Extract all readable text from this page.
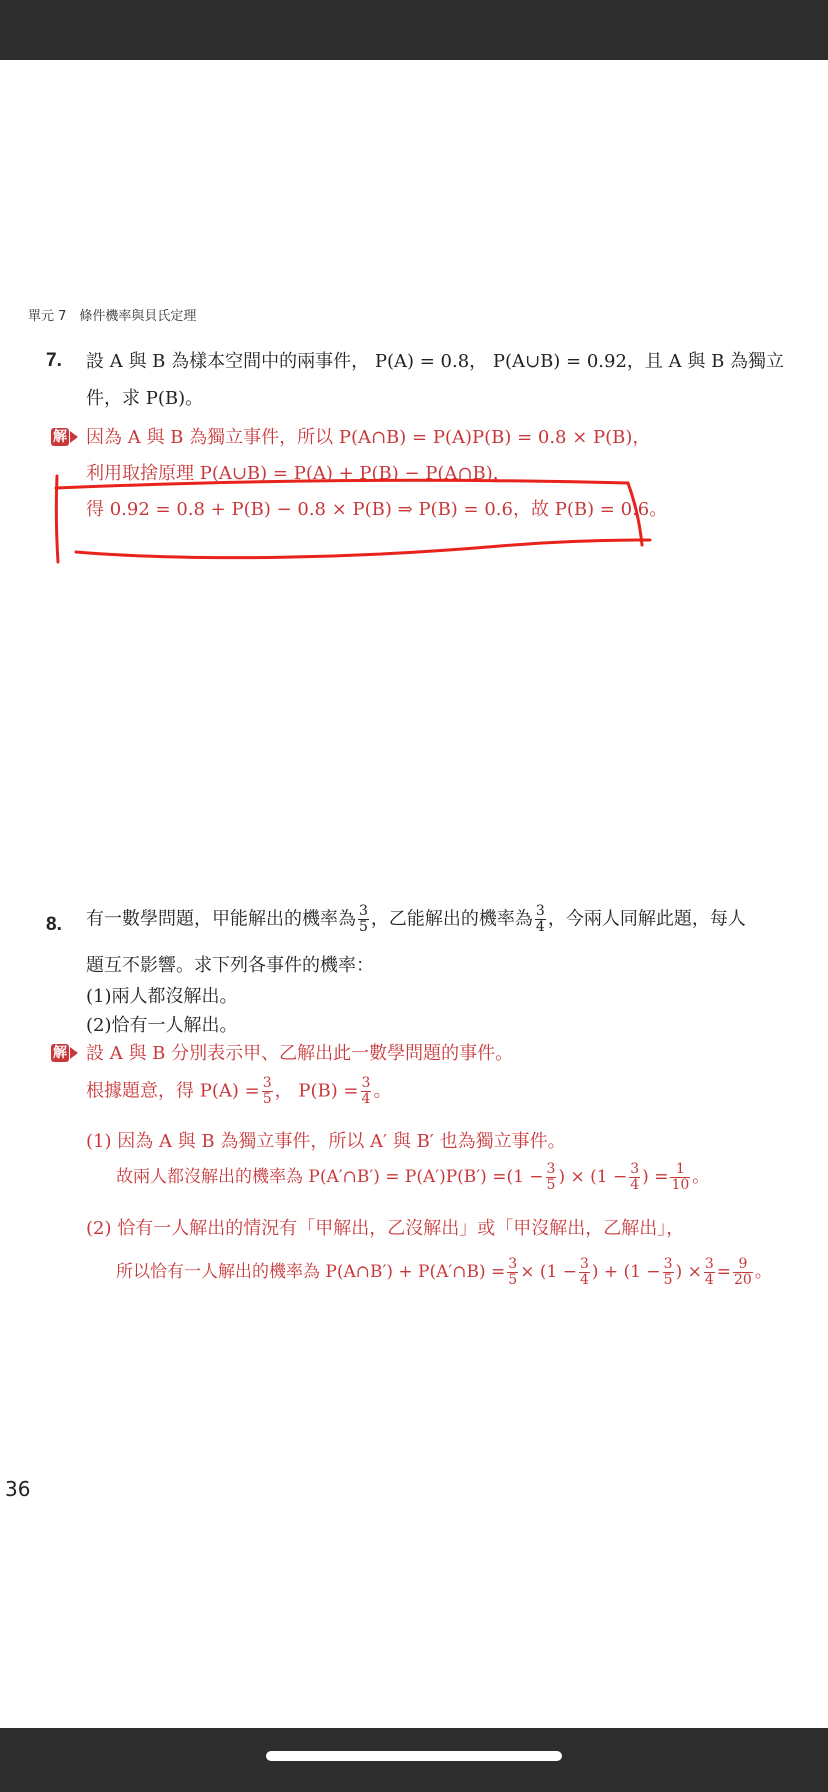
單元 7　條件機率與貝氏定理
7. 設 A 與 B 為樣本空間中的兩事件， P(A) = 0.8， P(A∪B) = 0.92，且 A 與 B 為獨立
件，求 P(B)。
解 因為 A 與 B 為獨立事件，所以 P(A∩B) = P(A)P(B) = 0.8 × P(B)，
利用取捨原理 P(A∪B) = P(A) + P(B) − P(A∩B)，
得 0.92 = 0.8 + P(B) − 0.8 × P(B) ⇒ P(B) = 0.6，故 P(B) = 0.6。
8. 有一數學問題，甲能解出的機率為 $\frac{3}{5}$ ，乙能解出的機率為 $\frac{3}{4}$ ，今兩人同解此題，每人
題互不影響。求下列各事件的機率：
(1)兩人都沒解出。
(2)恰有一人解出。
解 設 A 與 B 分別表示甲、乙解出此一數學問題的事件。
根據題意，得 $P(A) = \frac{3}{5}$ ， $P(B) = \frac{3}{4}$ 。
(1) 因為 A 與 B 為獨立事件，所以 A′ 與 B′ 也為獨立事件。
故兩人都沒解出的機率為 P(A′∩B′) = $P(A')P(B') =(1 - \frac{3}{5}$ ) × ($1 - \frac{3}{4}$ ) = $\frac{1}{10}$ 。
(2) 恰有一人解出的情況有「甲解出，乙沒解出」或「甲沒解出，乙解出」，
所以恰有一人解出的機率為 P(A∩B′) + P(A′∩B) = $\frac{3}{5} \times (1 - \frac{3}{4}$ ) + ($1 - \frac{3}{5}$ ) × $\frac{3}{4} = \frac{9}{20}$ 。
36
